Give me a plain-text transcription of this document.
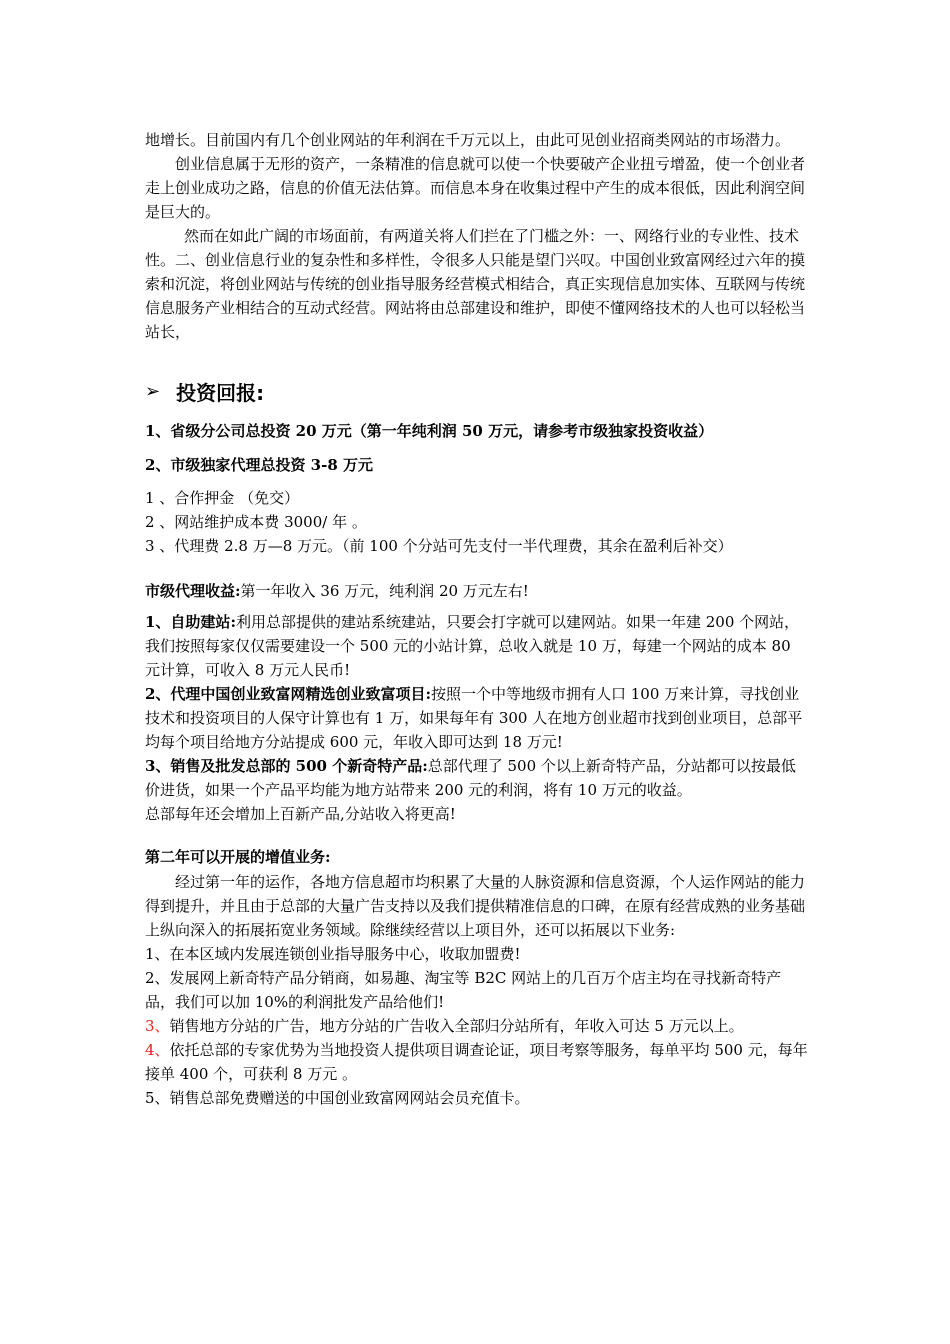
地增长。目前国内有几个创业网站的年利润在千万元以上，由此可见创业招商类网站的市场潜力。

创业信息属于无形的资产，一条精准的信息就可以使一个快要破产企业扭亏增盈，使一个创业者走上创业成功之路，信息的价值无法估算。而信息本身在收集过程中产生的成本很低，因此利润空间是巨大的。

然而在如此广阔的市场面前，有两道关将人们拦在了门槛之外：一、网络行业的专业性、技术性。二、创业信息行业的复杂性和多样性，令很多人只能是望门兴叹。中国创业致富网经过六年的摸索和沉淀，将创业网站与传统的创业指导服务经营模式相结合，真正实现信息加实体、互联网与传统信息服务产业相结合的互动式经营。网站将由总部建设和维护，即使不懂网络技术的人也可以轻松当站长，

➢ 投资回报:

1、省级分公司总投资 20 万元（第一年纯利润 50 万元，请参考市级独家投资收益）

2、市级独家代理总投资 3-8 万元

1 、合作押金 （免交）

2 、网站维护成本费 3000/ 年 。

3 、代理费 2.8 万—8 万元。（前 100 个分站可先支付一半代理费，其余在盈利后补交）

市级代理收益:第一年收入 36 万元，纯利润 20 万元左右!

1、自助建站:利用总部提供的建站系统建站，只要会打字就可以建网站。如果一年建 200 个网站，我们按照每家仅仅需要建设一个 500 元的小站计算，总收入就是 10 万，每建一个网站的成本 80 元计算，可收入 8 万元人民币!

2、代理中国创业致富网精选创业致富项目:按照一个中等地级市拥有人口 100 万来计算，寻找创业技术和投资项目的人保守计算也有 1 万，如果每年有 300 人在地方创业超市找到创业项目，总部平均每个项目给地方分站提成 600 元，年收入即可达到 18 万元!

3、销售及批发总部的 500 个新奇特产品:总部代理了 500 个以上新奇特产品，分站都可以按最低价进货，如果一个产品平均能为地方站带来 200 元的利润，将有 10 万元的收益。

总部每年还会增加上百新产品,分站收入将更高!

第二年可以开展的增值业务:

经过第一年的运作，各地方信息超市均积累了大量的人脉资源和信息资源，个人运作网站的能力得到提升，并且由于总部的大量广告支持以及我们提供精准信息的口碑，在原有经营成熟的业务基础上纵向深入的拓展拓宽业务领域。除继续经营以上项目外，还可以拓展以下业务:

1、在本区域内发展连锁创业指导服务中心，收取加盟费!

2、发展网上新奇特产品分销商，如易趣、淘宝等 B2C 网站上的几百万个店主均在寻找新奇特产品，我们可以加 10%的利润批发产品给他们!

3、销售地方分站的广告，地方分站的广告收入全部归分站所有，年收入可达 5 万元以上。

4、依托总部的专家优势为当地投资人提供项目调查论证，项目考察等服务，每单平均 500 元，每年接单 400 个，可获利 8 万元 。

5、销售总部免费赠送的中国创业致富网网站会员充值卡。
